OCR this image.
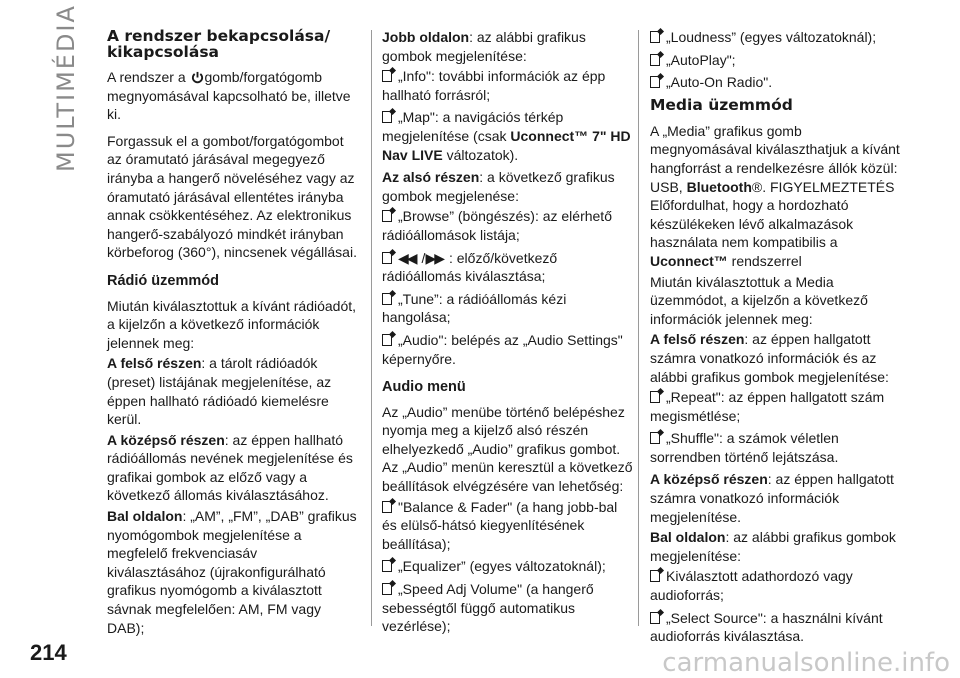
MULTIMÉDIA
214	carmanualsonline.info
A rendszer bekapcsolása/ kikapcsolása

A rendszer a gomb/forgatógomb megnyomásával kapcsolható be, illetve ki.

Forgassuk el a gombot/forgatógombot az óramutató járásával megegyező irányba a hangerő növeléséhez vagy az óramutató járásával ellentétes irányba annak csökkentéséhez. Az elektronikus hangerő-szabályozó mindkét irányban körbeforog (360°), nincsenek végállásai.

Rádió üzemmód
Miután kiválasztottuk a kívánt rádióadót, a kijelzőn a következő információk jelennek meg:
A felső részen: a tárolt rádióadók (preset) listájának megjelenítése, az éppen hallható rádióadó kiemelésre kerül.
A középső részen: az éppen hallható rádióállomás nevének megjelenítése és grafikai gombok az előző vagy a következő állomás kiválasztásához.
Bal oldalon: „AM”, „FM”, „DAB” grafikus nyomógombok megjelenítése a megfelelő frekvenciasáv kiválasztásához (újrakonfigurálható grafikus nyomógomb a kiválasztott sávnak megfelelően: AM, FM vagy DAB);
Jobb oldalon: az alábbi grafikus gombok megjelenítése:
„Info": további információk az épp hallható forrásról;
„Map": a navigációs térkép megjelenítése (csak Uconnect™ 7" HD Nav LIVE változatok).
Az alsó részen: a következő grafikus gombok megjelenése:
„Browse” (böngészés): az elérhető rádióállomások listája;
◀◀ /▶▶ : előző/következő rádióállomás kiválasztása;
„Tune”: a rádióállomás kézi hangolása;
„Audio": belépés az „Audio Settings" képernyőre.
Audio menü
Az „Audio” menübe történő belépéshez nyomja meg a kijelző alsó részén elhelyezkedő „Audio” grafikus gombot. Az „Audio” menün keresztül a következő beállítások elvégzésére van lehetőség:
"Balance & Fader" (a hang jobb-bal és elülső-hátsó kiegyenlítésének beállítása);
„Equalizer” (egyes változatoknál);
„Speed Adj Volume" (a hangerő sebességtől függő automatikus vezérlése);
„Loudness” (egyes változatoknál);
„AutoPlay";
„Auto-On Radio".
Media üzemmód
A „Media” grafikus gomb megnyomásával kiválaszthatjuk a kívánt hangforrást a rendelkezésre állók közül: USB, Bluetooth®. FIGYELMEZTETÉS Előfordulhat, hogy a hordozható készülékeken lévő alkalmazások használata nem kompatibilis a Uconnect™ rendszerrel
Miután kiválasztottuk a Media üzemmódot, a kijelzőn a következő információk jelennek meg:
A felső részen: az éppen hallgatott számra vonatkozó információk és az alábbi grafikus gombok megjelenítése:
„Repeat": az éppen hallgatott szám megismétlése;
„Shuffle": a számok véletlen sorrendben történő lejátszása.
A középső részen: az éppen hallgatott számra vonatkozó információk megjelenítése.
Bal oldalon: az alábbi grafikus gombok megjelenítése:
Kiválasztott adathordozó vagy audioforrás;
„Select Source": a használni kívánt audioforrás kiválasztása.
